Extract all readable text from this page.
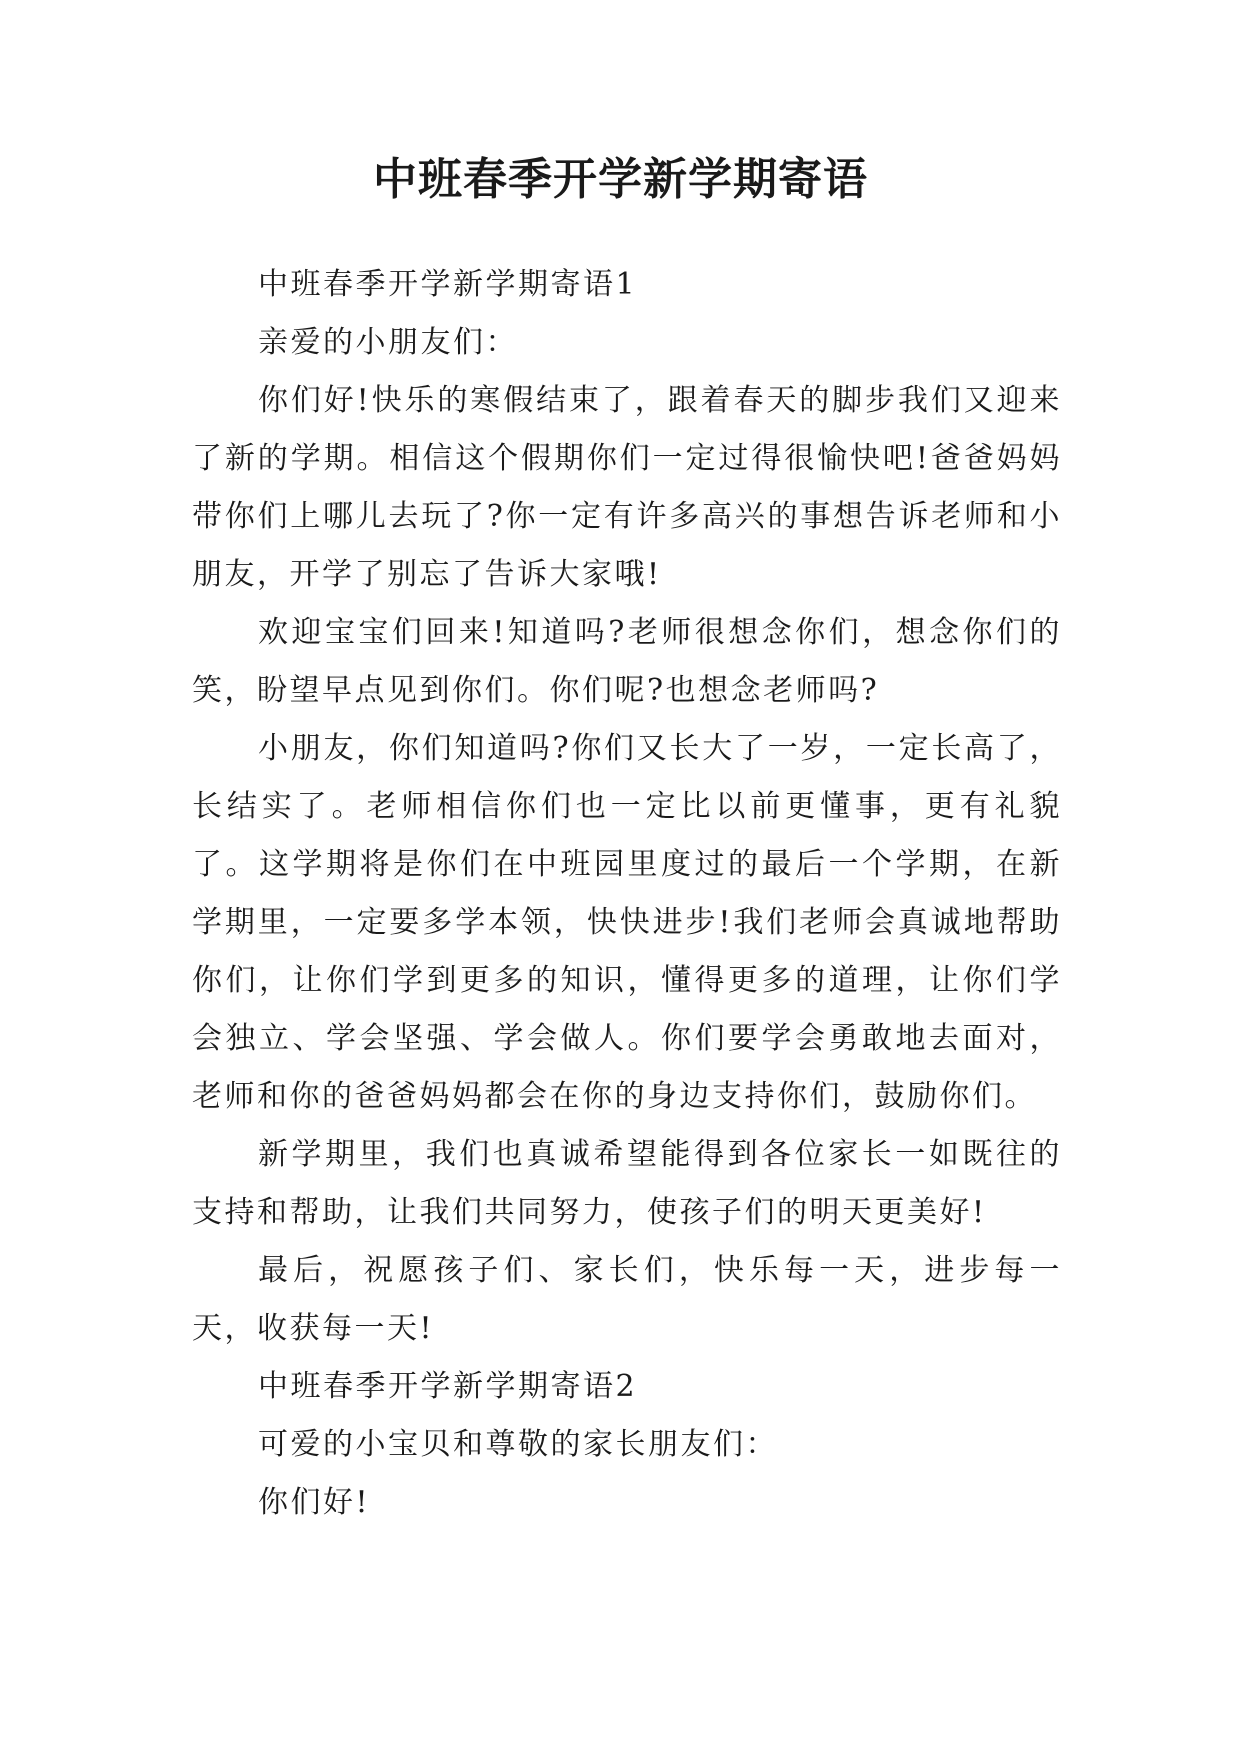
中班春季开学新学期寄语

中班春季开学新学期寄语1

亲爱的小朋友们：

你们好!快乐的寒假结束了，跟着春天的脚步我们又迎来了新的学期。相信这个假期你们一定过得很愉快吧!爸爸妈妈带你们上哪儿去玩了?你一定有许多高兴的事想告诉老师和小朋友，开学了别忘了告诉大家哦!

欢迎宝宝们回来!知道吗?老师很想念你们，想念你们的笑，盼望早点见到你们。你们呢?也想念老师吗?

小朋友，你们知道吗?你们又长大了一岁，一定长高了，长结实了。老师相信你们也一定比以前更懂事，更有礼貌了。这学期将是你们在中班园里度过的最后一个学期，在新学期里，一定要多学本领，快快进步!我们老师会真诚地帮助你们，让你们学到更多的知识，懂得更多的道理，让你们学会独立、学会坚强、学会做人。你们要学会勇敢地去面对，老师和你的爸爸妈妈都会在你的身边支持你们，鼓励你们。

新学期里，我们也真诚希望能得到各位家长一如既往的支持和帮助，让我们共同努力，使孩子们的明天更美好!

最后，祝愿孩子们、家长们，快乐每一天，进步每一天，收获每一天!

中班春季开学新学期寄语2

可爱的小宝贝和尊敬的家长朋友们：

你们好!
